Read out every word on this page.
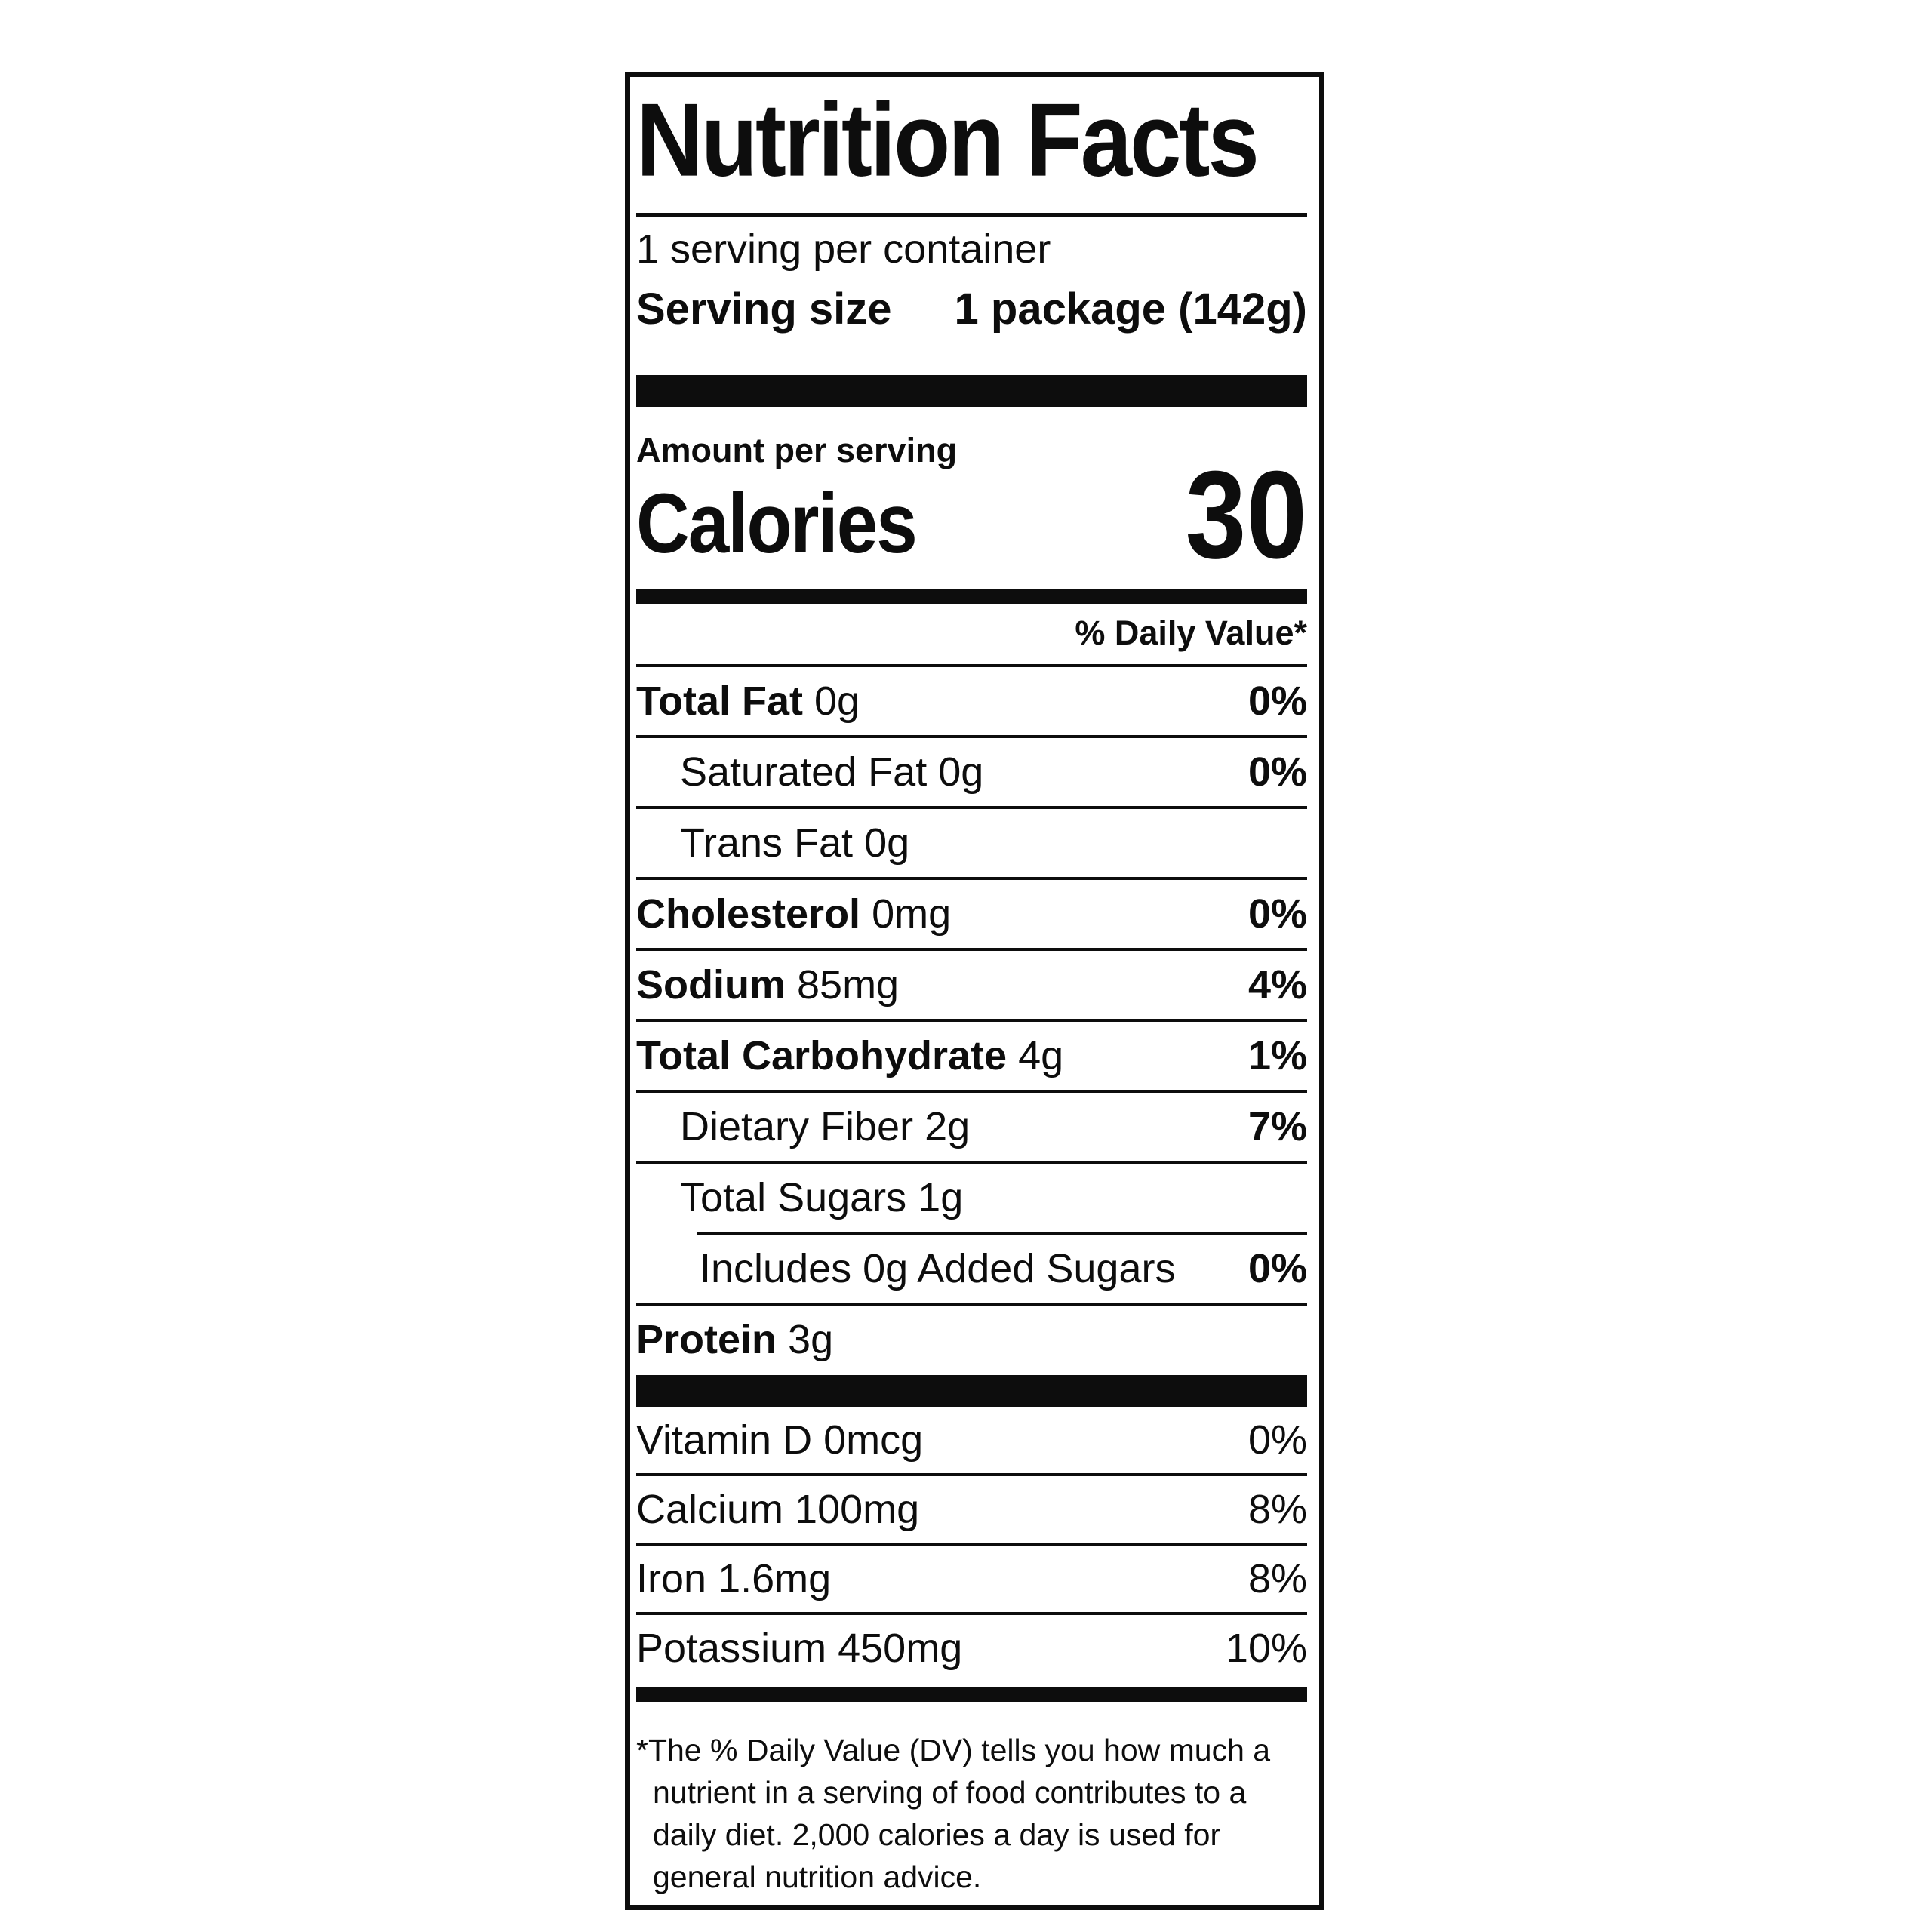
Nutrition Facts
1 serving per container
Serving size 1 package (142g)
Amount per serving
Calories 30
% Daily Value*
Total Fat 0g	0%
Saturated Fat 0g	0%
Trans Fat 0g
Cholesterol 0mg	0%
Sodium 85mg	4%
Total Carbohydrate 4g	1%
Dietary Fiber 2g	7%
Total Sugars 1g
Includes 0g Added Sugars 0%
Protein 3g
Vitamin D 0mcg	0%
Calcium 100mg	8%
Iron 1.6mg	8%
Potassium 450mg	10%
*The % Daily Value (DV) tells you how much a nutrient in a serving of food contributes to a daily diet. 2,000 calories a day is used for general nutrition advice.
